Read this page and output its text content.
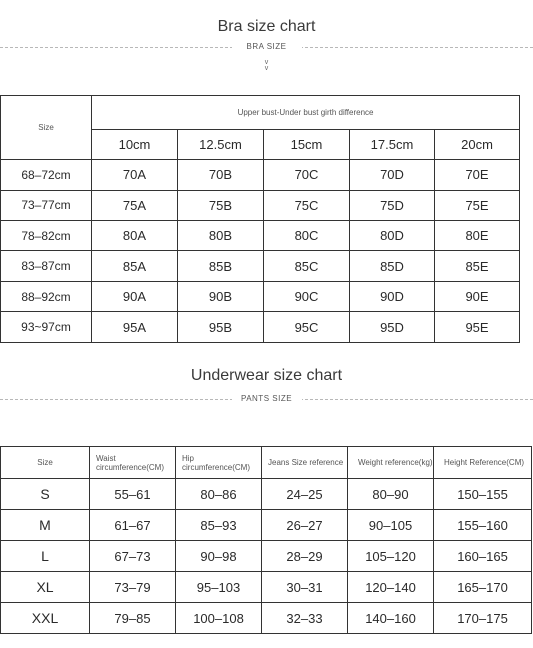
Bra size chart
BRA SIZE
v
v
Size	Upper bust-Under bust girth difference				
	10cm	12.5cm	15cm	17.5cm	20cm
68–72cm	70A	70B	70C	70D	70E
73–77cm	75A	75B	75C	75D	75E
78–82cm	80A	80B	80C	80D	80E
83–87cm	85A	85B	85C	85D	85E
88–92cm	90A	90B	90C	90D	90E
93~97cm	95A	95B	95C	95D	95E
Underwear size chart
PANTS SIZE
Size	Waist circumference(CM)	Hip circumference(CM)	Jeans Size reference	Weight reference(kg)	Height Reference(CM)
S	55–61	80–86	24–25	80–90	150–155
M	61–67	85–93	26–27	90–105	155–160
L	67–73	90–98	28–29	105–120	160–165
XL	73–79	95–103	30–31	120–140	165–170
XXL	79–85	100–108	32–33	140–160	170–175
